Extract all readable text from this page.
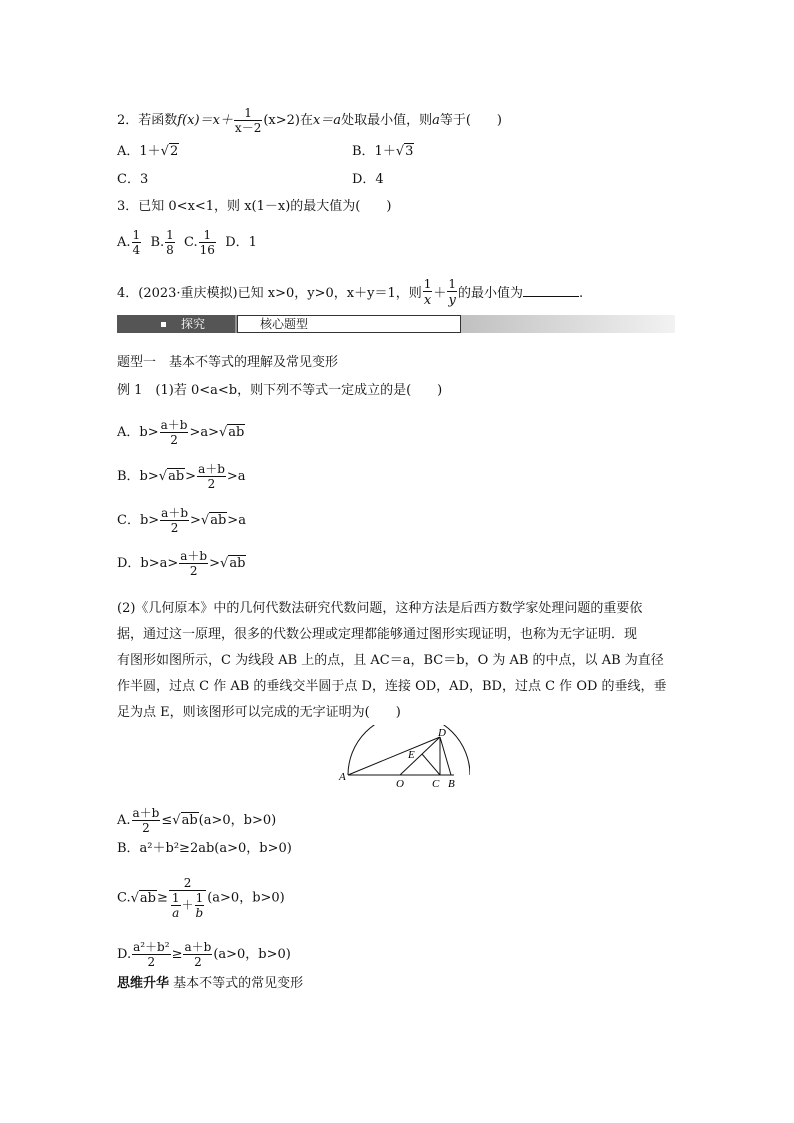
2．若函数$f(x)=x+ \frac{1}{x-2} (x>2)$在x＝a处取最小值，则a等于(　　)
A．1＋√2	B．1＋√3
C．3	D．4
3．已知 0<x<1，则 x(1－x)的最大值为(　　)
A. $\frac{1}{4} B$. $\frac{1}{8} C$. $\frac{1}{16}$ D．1
4．(2023·重庆模拟)已知 x>0，y>0，x＋y＝1，则 $\frac{1}{x}+ \frac{1}{y}$的最小值为	.
探究	核心题型
题型一　基本不等式的理解及常见变形
例 1　(1)若 0<a<b，则下列不等式一定成立的是(　　)
A．$b> \frac{a+b}{2} >a>√ab$
B．$b>√ab> \frac{a+b}{2} >a$
C．$b> \frac{a+b}{2} >√ab>a$
D．$b>a> \frac{a+b}{2} >√ab$
(2)《几何原本》中的几何代数法研究代数问题，这种方法是后西方数学家处理问题的重要依
据，通过这一原理，很多的代数公理或定理都能够通过图形实现证明，也称为无字证明．现
有图形如图所示，C 为线段 AB 上的点，且 AC＝a，BC＝b，O 为 AB 的中点，以 AB 为直径
作半圆，过点 C 作 AB 的垂线交半圆于点 D，连接 OD，AD，BD，过点 C 作 OD 的垂线，垂
足为点 E，则该图形可以完成的无字证明为(　　)
A
O	C B
D
E
A. $\frac{a+b}{2} \le√ab(a>0$，b>0)
B．a²＋b²≥2ab(a>0，b>0)
$C.√ab\ge \frac{2}{\frac{1}{a}+ \frac{1}{b}} (a>0$，b>0)
D. $\frac{\text{a²＋b²}}{2} \ge \frac{a+b}{2} (a>0$，b>0)
思维升华 基本不等式的常见变形
